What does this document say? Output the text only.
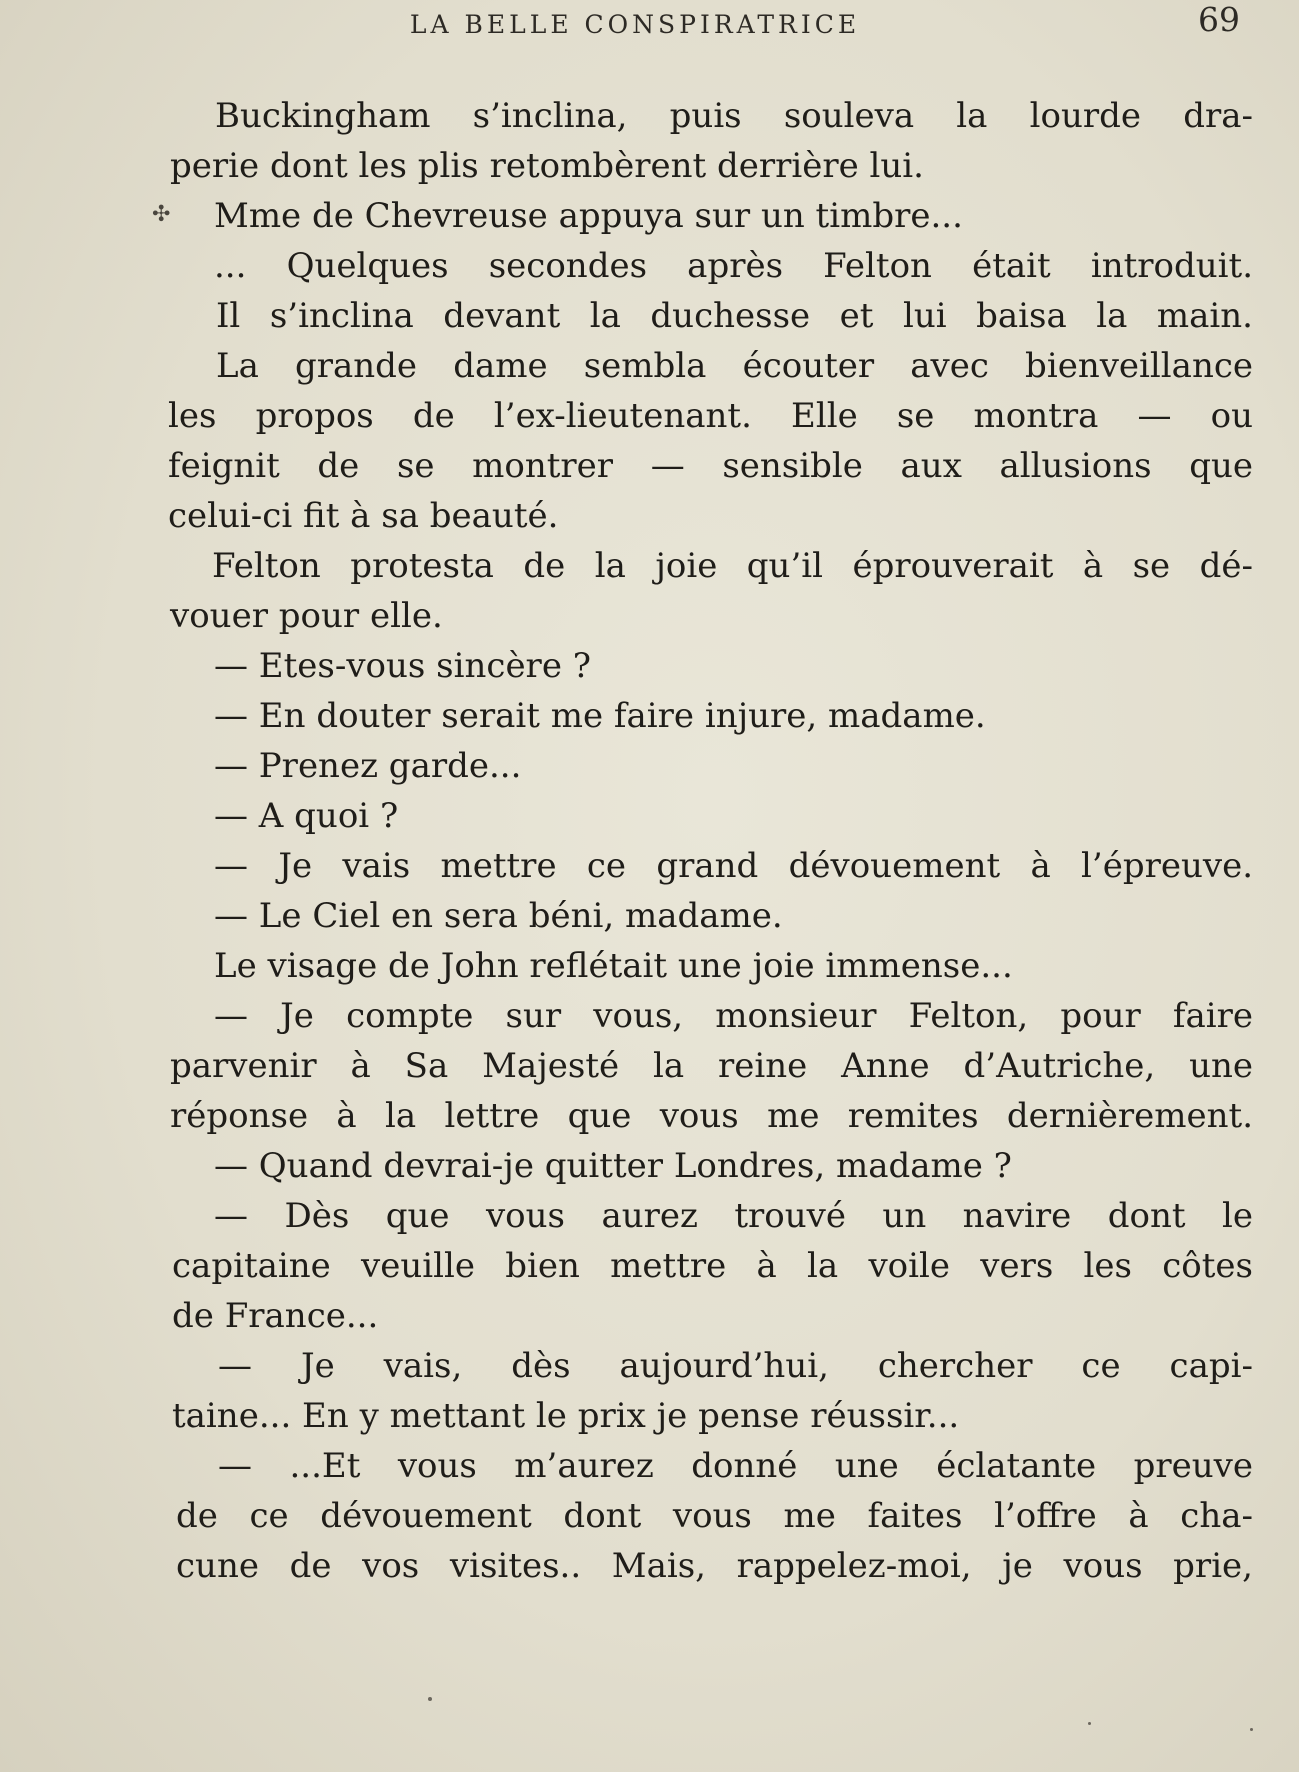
LA BELLE CONSPIRATRICE	69

✣
Buckingham s’inclina, puis souleva la lourde dra-
perie dont les plis retombèrent derrière lui.
Mme de Chevreuse appuya sur un timbre...
... Quelques secondes après Felton était introduit.
Il s’inclina devant la duchesse et lui baisa la main.
La grande dame sembla écouter avec bienveillance
les propos de l’ex-lieutenant. Elle se montra — ou
feignit de se montrer — sensible aux allusions que
celui-ci fit à sa beauté.
Felton protesta de la joie qu’il éprouverait à se dé-
vouer pour elle.
— Etes-vous sincère ?
— En douter serait me faire injure, madame.
— Prenez garde...
— A quoi ?
— Je vais mettre ce grand dévouement à l’épreuve.
— Le Ciel en sera béni, madame.
Le visage de John reflétait une joie immense...
— Je compte sur vous, monsieur Felton, pour faire
parvenir à Sa Majesté la reine Anne d’Autriche, une
réponse à la lettre que vous me remites dernièrement.
— Quand devrai-je quitter Londres, madame ?
— Dès que vous aurez trouvé un navire dont le
capitaine veuille bien mettre à la voile vers les côtes
de France...
— Je vais, dès aujourd’hui, chercher ce capi-
taine... En y mettant le prix je pense réussir...
— ...Et vous m’aurez donné une éclatante preuve
de ce dévouement dont vous me faites l’offre à cha-
cune de vos visites.. Mais, rappelez-moi, je vous prie,
